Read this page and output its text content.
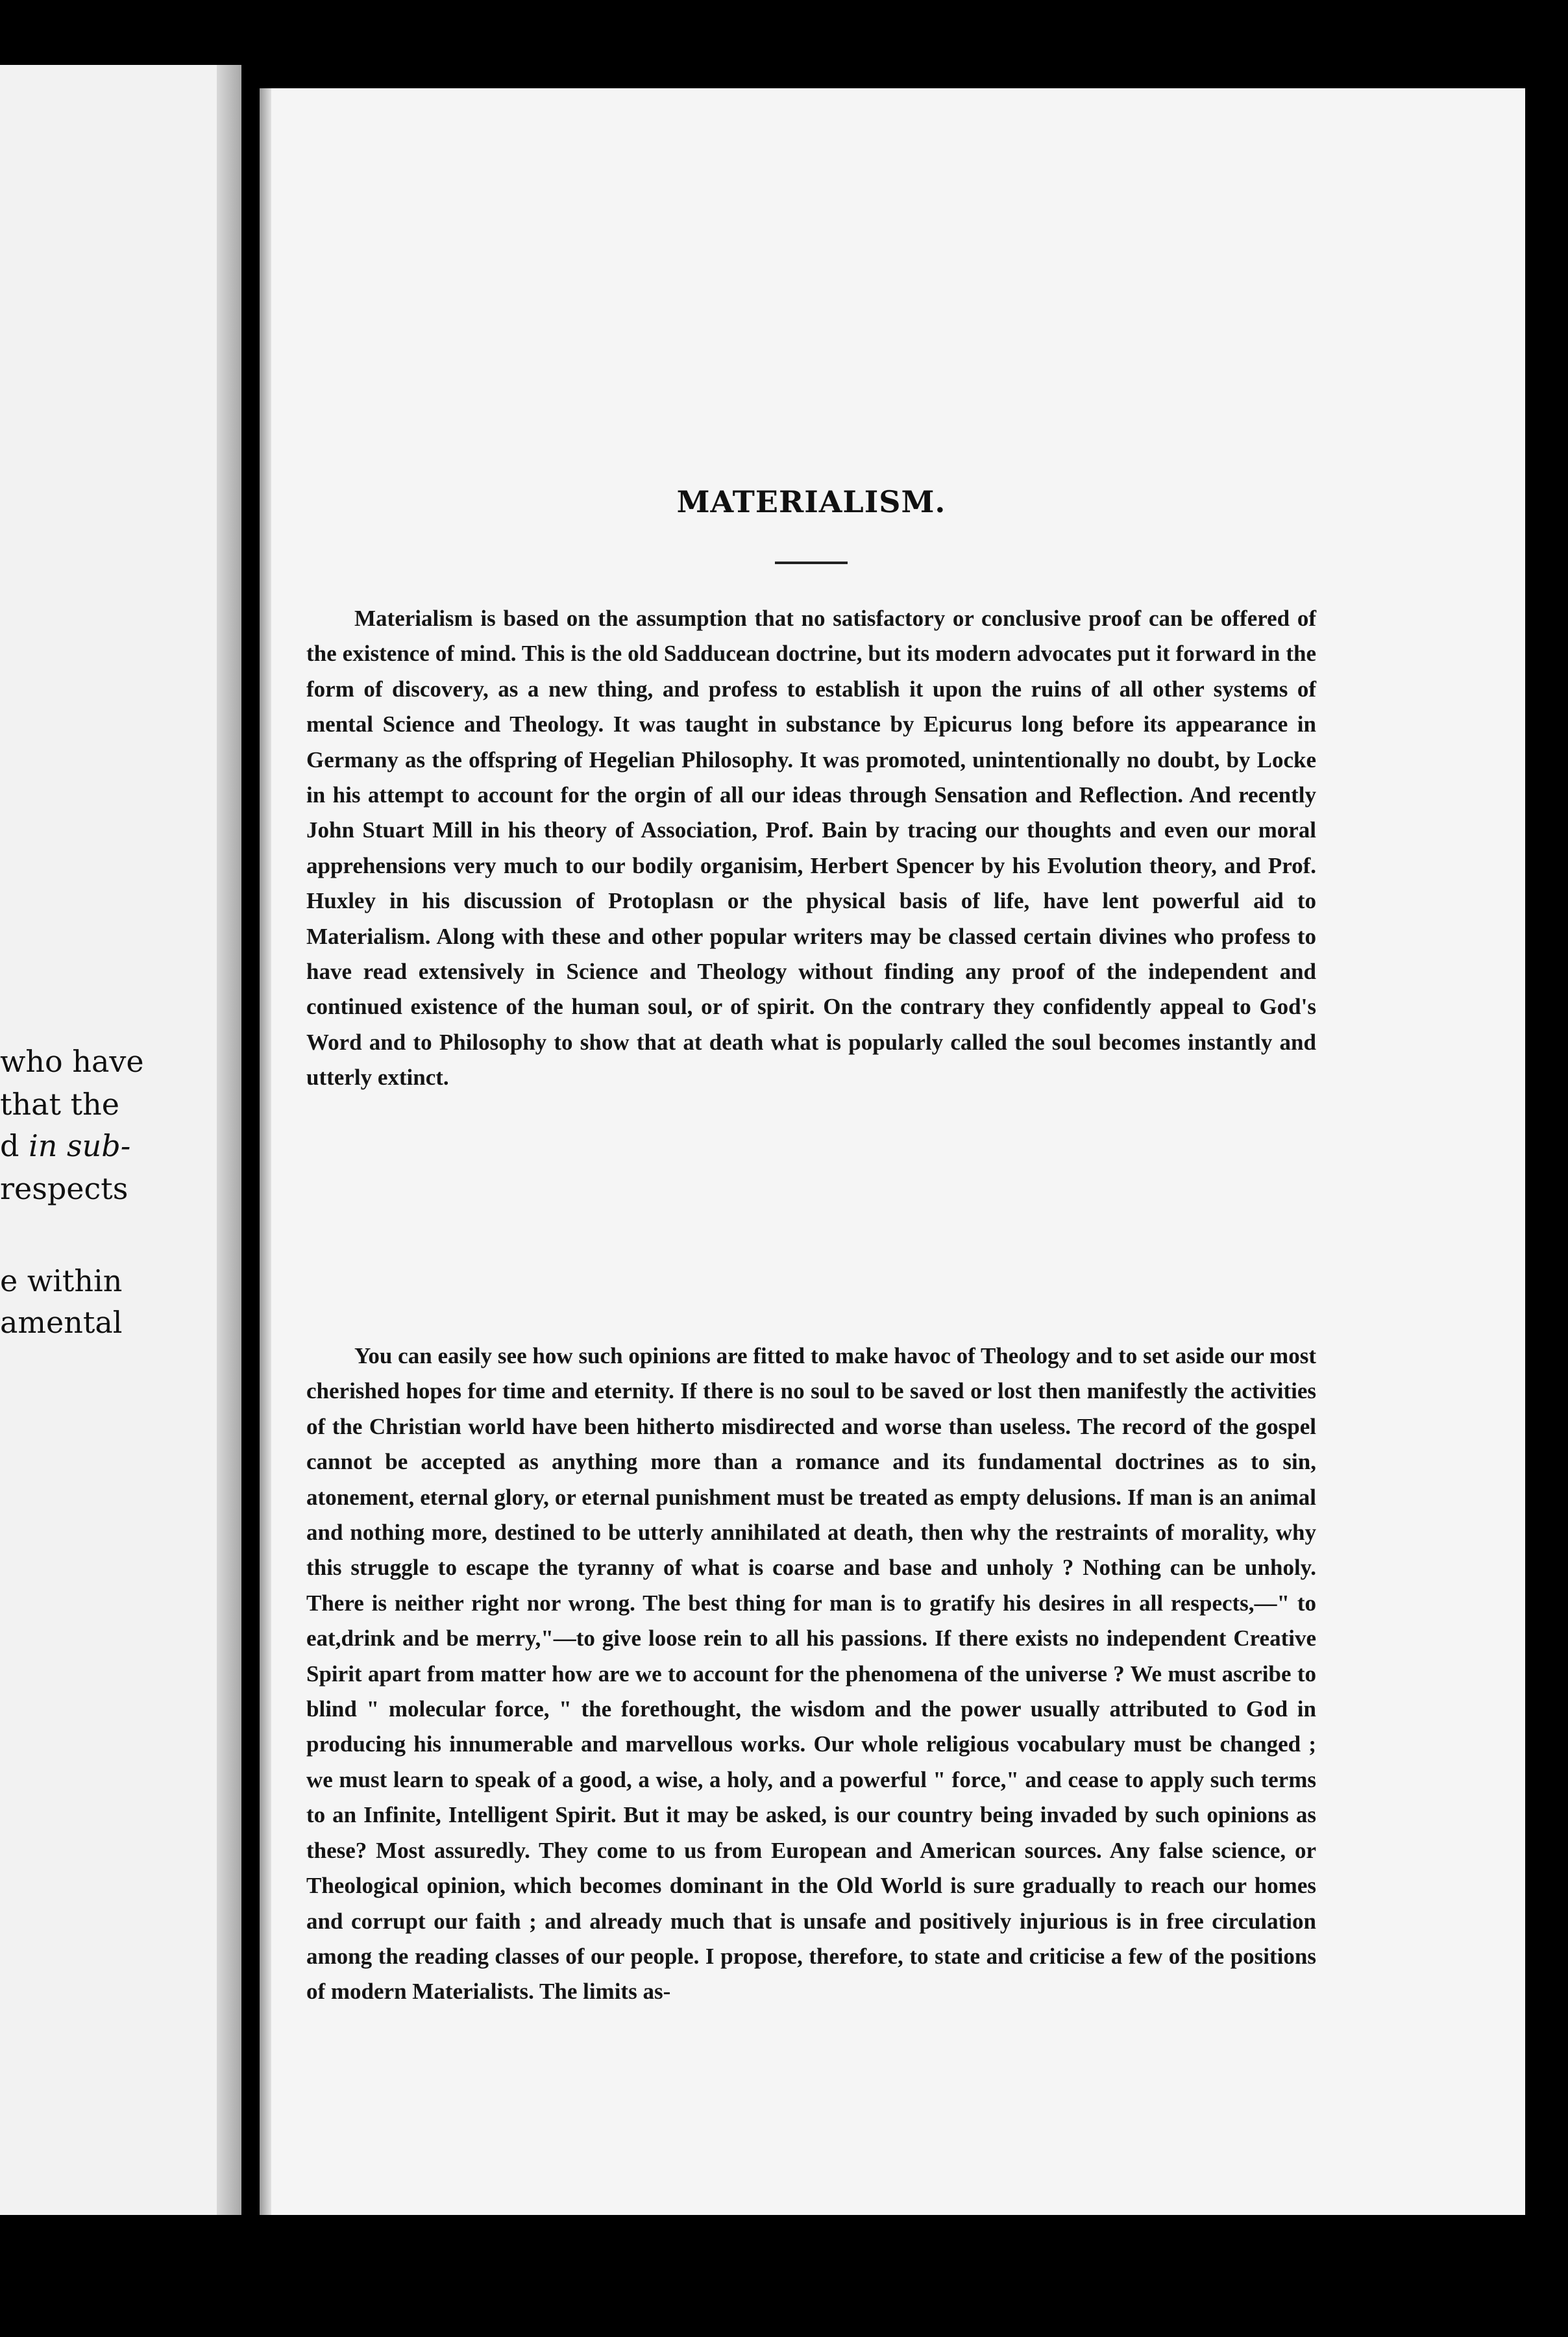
who have
that the
d in sub-
respects
e within
amental
MATERIALISM.

Materialism is based on the assumption that no satisfactory or conclusive proof can be offered of the existence of mind. This is the old Sadducean doctrine, but its modern advocates put it forward in the form of discovery, as a new thing, and profess to establish it upon the ruins of all other systems of mental Science and Theology. It was taught in substance by Epicurus long before its appearance in Germany as the offspring of Hegelian Philosophy. It was promoted, unintentionally no doubt, by Locke in his attempt to account for the orgin of all our ideas through Sensation and Reflection. And recently John Stuart Mill in his theory of Association, Prof. Bain by tracing our thoughts and even our moral apprehensions very much to our bodily organisim, Herbert Spencer by his Evolution theory, and Prof. Huxley in his discussion of Protoplasn or the physical basis of life, have lent powerful aid to Materialism. Along with these and other popular writers may be classed certain divines who profess to have read extensively in Science and Theology without finding any proof of the independent and continued existence of the human soul, or of spirit. On the contrary they confidently appeal to God's Word and to Philosophy to show that at death what is popularly called the soul becomes instantly and utterly extinct.

You can easily see how such opinions are fitted to make havoc of Theology and to set aside our most cherished hopes for time and eternity. If there is no soul to be saved or lost then manifestly the activities of the Christian world have been hitherto misdirected and worse than useless. The record of the gospel cannot be accepted as anything more than a romance and its fundamental doctrines as to sin, atonement, eternal glory, or eternal punishment must be treated as empty delusions. If man is an animal and nothing more, destined to be utterly annihilated at death, then why the restraints of morality, why this struggle to escape the tyranny of what is coarse and base and unholy ? Nothing can be unholy. There is neither right nor wrong. The best thing for man is to gratify his desires in all respects,—" to eat,drink and be merry,"—to give loose rein to all his passions. If there exists no independent Creative Spirit apart from matter how are we to account for the phenomena of the universe ? We must ascribe to blind " molecular force, " the forethought, the wisdom and the power usually attributed to God in producing his innumerable and marvellous works. Our whole religious vocabulary must be changed ; we must learn to speak of a good, a wise, a holy, and a powerful " force," and cease to apply such terms to an Infinite, Intelligent Spirit. But it may be asked, is our country being invaded by such opinions as these? Most assuredly. They come to us from European and American sources. Any false science, or Theological opinion, which becomes dominant in the Old World is sure gradually to reach our homes and corrupt our faith ; and already much that is unsafe and positively injurious is in free circulation among the reading classes of our people. I propose, therefore, to state and criticise a few of the positions of modern Materialists. The limits as-
